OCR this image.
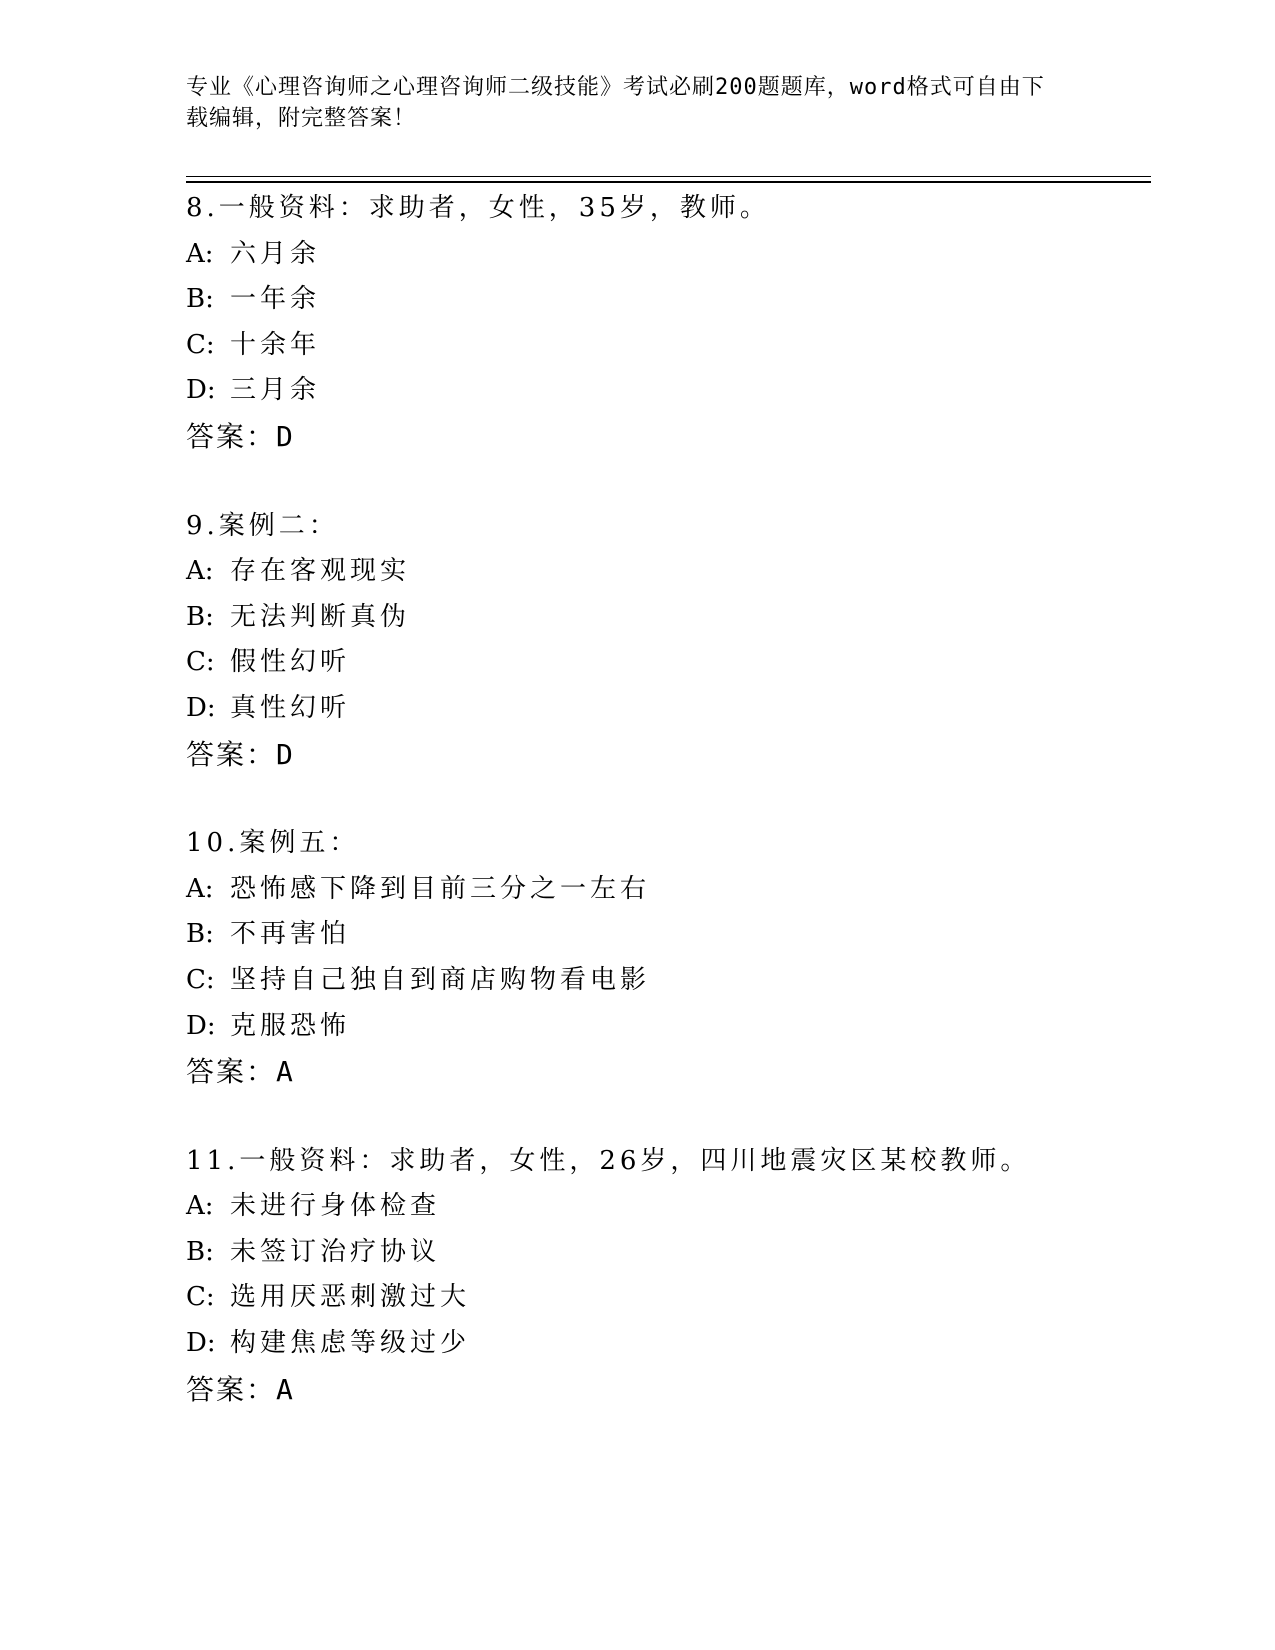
专业《心理咨询师之心理咨询师二级技能》考试必刷200题题库，word格式可自由下载编辑，附完整答案！
8.一般资料：求助者，女性，35岁，教师。
A: 六月余
B: 一年余
C: 十余年
D: 三月余
答案：D
9.案例二：
A: 存在客观现实
B: 无法判断真伪
C: 假性幻听
D: 真性幻听
答案：D
10.案例五：
A: 恐怖感下降到目前三分之一左右
B: 不再害怕
C: 坚持自己独自到商店购物看电影
D: 克服恐怖
答案：A
11.一般资料：求助者，女性，26岁，四川地震灾区某校教师。
A: 未进行身体检查
B: 未签订治疗协议
C: 选用厌恶刺激过大
D: 构建焦虑等级过少
答案：A
